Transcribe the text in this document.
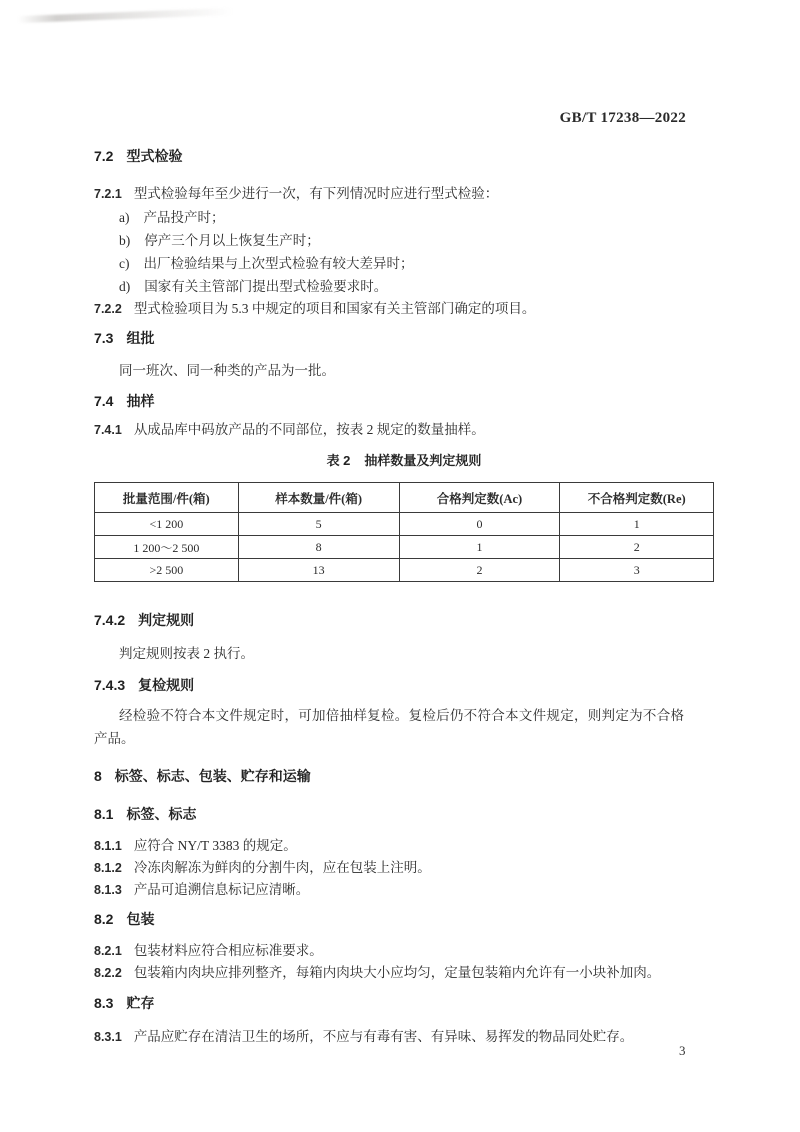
GB/T 17238—2022
7.2 型式检验
7.2.1 型式检验每年至少进行一次，有下列情况时应进行型式检验：
a) 产品投产时；
b) 停产三个月以上恢复生产时；
c) 出厂检验结果与上次型式检验有较大差异时；
d) 国家有关主管部门提出型式检验要求时。
7.2.2 型式检验项目为 5.3 中规定的项目和国家有关主管部门确定的项目。
7.3 组批
同一班次、同一种类的产品为一批。
7.4 抽样
7.4.1 从成品库中码放产品的不同部位，按表 2 规定的数量抽样。
表 2 抽样数量及判定规则
批量范围/件(箱)	样本数量/件(箱)	合格判定数(Ac)	不合格判定数(Re)
<1 200	5	0	1
1 200～2 500	8	1	2
>2 500	13	2	3
7.4.2 判定规则
判定规则按表 2 执行。
7.4.3 复检规则
经检验不符合本文件规定时，可加倍抽样复检。复检后仍不符合本文件规定，则判定为不合格产品。
8 标签、标志、包装、贮存和运输
8.1 标签、标志
8.1.1 应符合 NY/T 3383 的规定。
8.1.2 冷冻肉解冻为鲜肉的分割牛肉，应在包装上注明。
8.1.3 产品可追溯信息标记应清晰。
8.2 包装
8.2.1 包装材料应符合相应标准要求。
8.2.2 包装箱内肉块应排列整齐，每箱内肉块大小应均匀，定量包装箱内允许有一小块补加肉。
8.3 贮存
8.3.1 产品应贮存在清洁卫生的场所，不应与有毒有害、有异味、易挥发的物品同处贮存。
3
